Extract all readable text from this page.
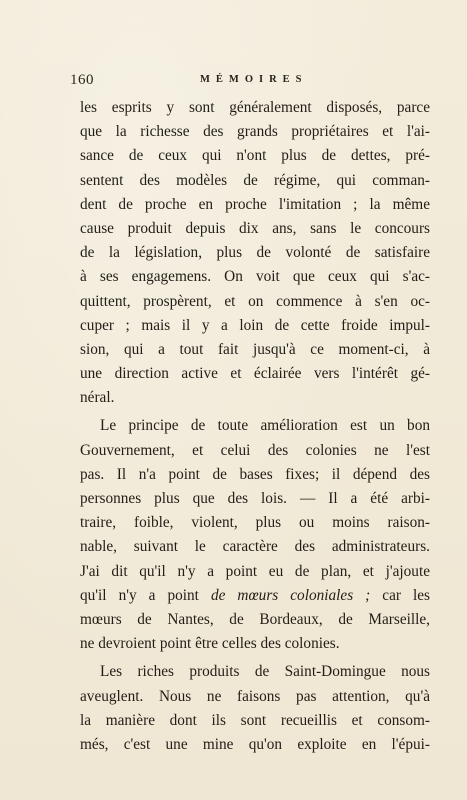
160	MÉMOIRES
les esprits y sont généralement disposés, parce
que la richesse des grands propriétaires et l'ai-
sance de ceux qui n'ont plus de dettes, pré-
sentent des modèles de régime, qui comman-
dent de proche en proche l'imitation ; la même
cause produit depuis dix ans, sans le concours
de la législation, plus de volonté de satisfaire
à ses engagemens. On voit que ceux qui s'ac-
quittent, prospèrent, et on commence à s'en oc-
cuper ; mais il y a loin de cette froide impul-
sion, qui a tout fait jusqu'à ce moment-ci, à
une direction active et éclairée vers l'intérêt gé-
néral.
Le principe de toute amélioration est un bon
Gouvernement, et celui des colonies ne l'est
pas. Il n'a point de bases fixes; il dépend des
personnes plus que des lois. — Il a été arbi-
traire, foible, violent, plus ou moins raison-
nable, suivant le caractère des administrateurs.
J'ai dit qu'il n'y a point eu de plan, et j'ajoute
qu'il n'y a point de mœurs coloniales ; car les
mœurs de Nantes, de Bordeaux, de Marseille,
ne devroient point être celles des colonies.
Les riches produits de Saint-Domingue nous
aveuglent. Nous ne faisons pas attention, qu'à
la manière dont ils sont recueillis et consom-
més, c'est une mine qu'on exploite en l'épui-
